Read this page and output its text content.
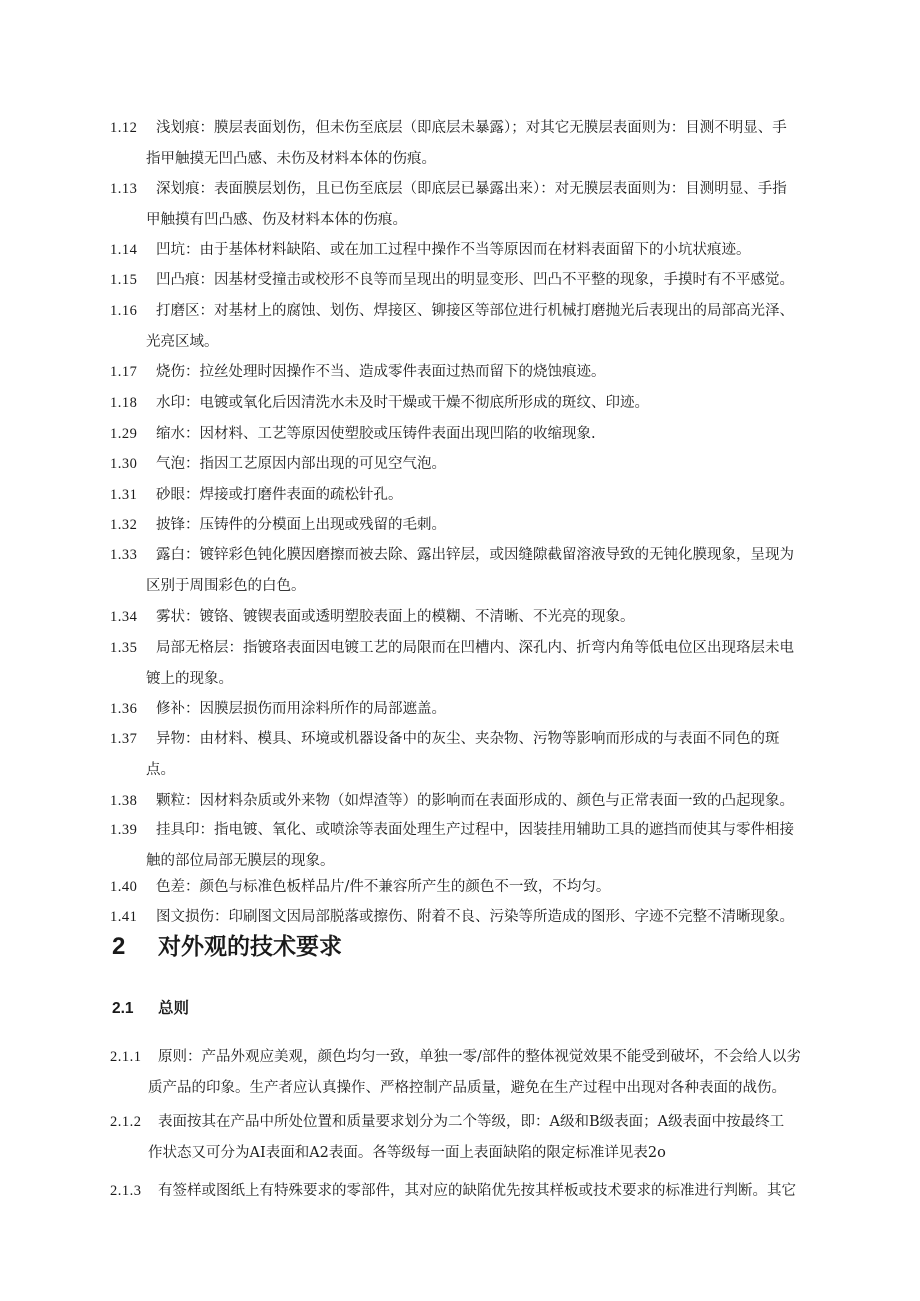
1.12 浅划痕：膜层表面划伤，但未伤至底层（即底层未暴露）；对其它无膜层表面则为：目测不明显、手
指甲触摸无凹凸感、未伤及材料本体的伤痕。

1.13 深划痕：表面膜层划伤，且已伤至底层（即底层已暴露出来）：对无膜层表面则为：目测明显、手指
甲触摸有凹凸感、伤及材料本体的伤痕。

1.14 凹坑：由于基体材料缺陷、或在加工过程中操作不当等原因而在材料表面留下的小坑状痕迹。

1.15 凹凸痕：因基材受撞击或校形不良等而呈现出的明显变形、凹凸不平整的现象，手摸时有不平感觉。

1.16 打磨区：对基材上的腐蚀、划伤、焊接区、铆接区等部位进行机械打磨抛光后表现出的局部高光泽、
光亮区域。

1.17 烧伤：拉丝处理时因操作不当、造成零件表面过热而留下的烧蚀痕迹。

1.18 水印：电镀或氧化后因清洗水未及时干燥或干燥不彻底所形成的斑纹、印迹。

1.29 缩水：因材料、工艺等原因使塑胶或压铸件表面出现凹陷的收缩现象.

1.30 气泡：指因工艺原因内部出现的可见空气泡。

1.31 砂眼：焊接或打磨件表面的疏松针孔。

1.32 披锋：压铸件的分模面上出现或残留的毛刺。

1.33 露白：镀锌彩色钝化膜因磨擦而被去除、露出锌层，或因缝隙截留溶液导致的无钝化膜现象，呈现为
区别于周围彩色的白色。

1.34 雾状：镀铬、镀锲表面或透明塑胶表面上的模糊、不清晰、不光亮的现象。

1.35 局部无格层：指镀珞表面因电镀工艺的局限而在凹槽内、深孔内、折弯内角等低电位区出现珞层未电
镀上的现象。

1.36 修补：因膜层损伤而用涂料所作的局部遮盖。

1.37 异物：由材料、模具、环境或机器设备中的灰尘、夹杂物、污物等影响而形成的与表面不同色的斑
点。

1.38 颗粒：因材料杂质或外来物（如焊渣等）的影响而在表面形成的、颜色与正常表面一致的凸起现象。

1.39 挂具印：指电镀、氧化、或喷涂等表面处理生产过程中，因装挂用辅助工具的遮挡而使其与零件相接
触的部位局部无膜层的现象。

1.40 色差：颜色与标准色板样品片/件不兼容所产生的颜色不一致，不均匀。

1.41 图文损伤：印刷图文因局部脱落或擦伤、附着不良、污染等所造成的图形、字迹不完整不清晰现象。

2 对外观的技术要求
2.1 总则

2.1.1 原则：产品外观应美观，颜色均匀一致，单独一零/部件的整体视觉效果不能受到破坏，不会给人以劣
质产品的印象。生产者应认真操作、严格控制产品质量，避免在生产过程中出现对各种表面的战伤。

2.1.2 表面按其在产品中所处位置和质量要求划分为二个等级，即：A级和B级表面；A级表面中按最终工
作状态又可分为AI表面和A2表面。各等级每一面上表面缺陷的限定标准详见表2o

2.1.3 有签样或图纸上有特殊要求的零部件，其对应的缺陷优先按其样板或技术要求的标准进行判断。其它
